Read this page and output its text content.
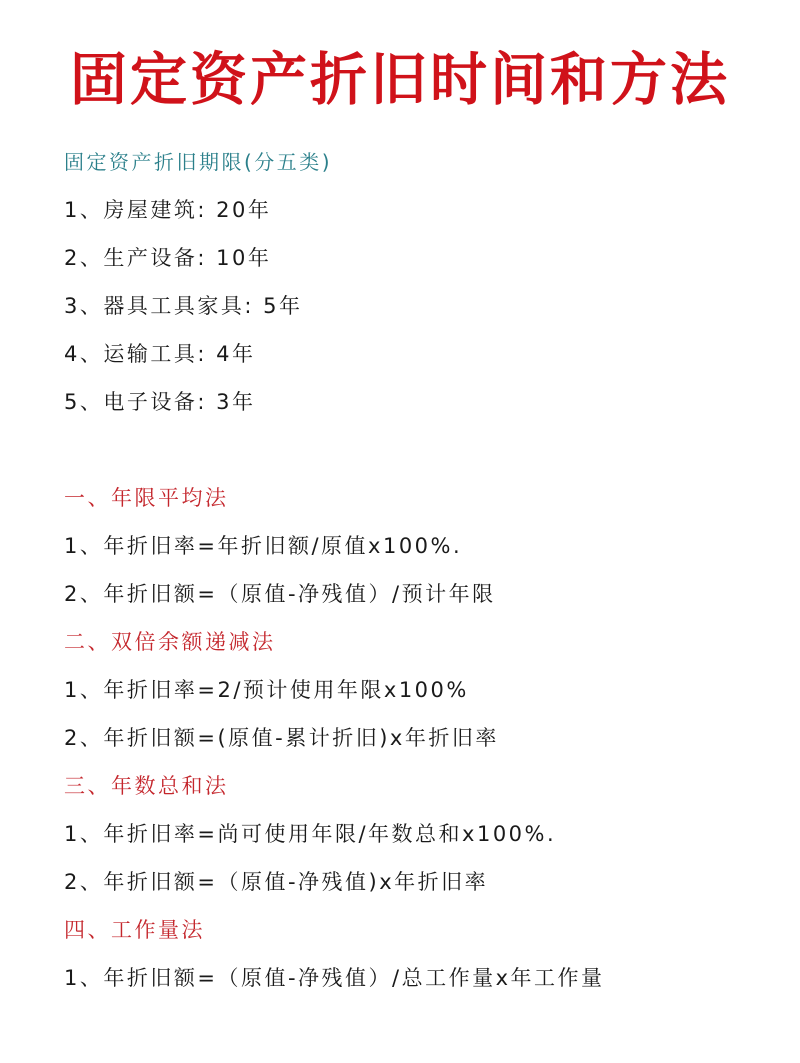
固定资产折旧时间和方法
固定资产折旧期限(分五类)
1、房屋建筑: 20年
2、生产设备: 10年
3、器具工具家具: 5年
4、运输工具: 4年
5、电子设备: 3年
一、年限平均法
1、年折旧率=年折旧额/原值x100%.
2、年折旧额=（原值-净残值）/预计年限
二、双倍余额递减法
1、年折旧率=2/预计使用年限x100%
2、年折旧额=(原值-累计折旧)x年折旧率
三、年数总和法
1、年折旧率=尚可使用年限/年数总和x100%.
2、年折旧额=（原值-净残值)x年折旧率
四、工作量法
1、年折旧额=（原值-净残值）/总工作量x年工作量
